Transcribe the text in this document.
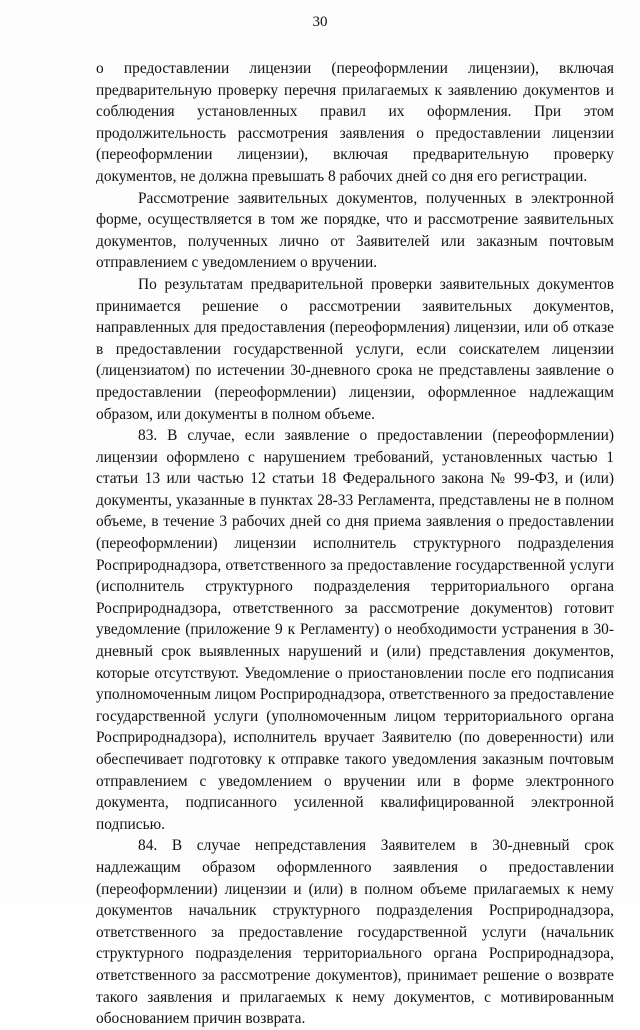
30

о предоставлении лицензии (переоформлении лицензии), включая предварительную проверку перечня прилагаемых к заявлению документов и соблюдения установленных правил их оформления. При этом продолжительность рассмотрения заявления о предоставлении лицензии (переоформлении лицензии), включая предварительную проверку документов, не должна превышать 8 рабочих дней со дня его регистрации.

Рассмотрение заявительных документов, полученных в электронной форме, осуществляется в том же порядке, что и рассмотрение заявительных документов, полученных лично от Заявителей или заказным почтовым отправлением с уведомлением о вручении.

По результатам предварительной проверки заявительных документов принимается решение о рассмотрении заявительных документов, направленных для предоставления (переоформления) лицензии, или об отказе в предоставлении государственной услуги, если соискателем лицензии (лицензиатом) по истечении 30-дневного срока не представлены заявление о предоставлении (переоформлении) лицензии, оформленное надлежащим образом, или документы в полном объеме.

83. В случае, если заявление о предоставлении (переоформлении) лицензии оформлено с нарушением требований, установленных частью 1 статьи 13 или частью 12 статьи 18 Федерального закона № 99-ФЗ, и (или) документы, указанные в пунктах 28-33 Регламента, представлены не в полном объеме, в течение 3 рабочих дней со дня приема заявления о предоставлении (переоформлении) лицензии исполнитель структурного подразделения Росприроднадзора, ответственного за предоставление государственной услуги (исполнитель структурного подразделения территориального органа Росприроднадзора, ответственного за рассмотрение документов) готовит уведомление (приложение 9 к Регламенту) о необходимости устранения в 30-дневный срок выявленных нарушений и (или) представления документов, которые отсутствуют. Уведомление о приостановлении после его подписания уполномоченным лицом Росприроднадзора, ответственного за предоставление государственной услуги (уполномоченным лицом территориального органа Росприроднадзора), исполнитель вручает Заявителю (по доверенности) или обеспечивает подготовку к отправке такого уведомления заказным почтовым отправлением с уведомлением о вручении или в форме электронного документа, подписанного усиленной квалифицированной электронной подписью.

84. В случае непредставления Заявителем в 30-дневный срок надлежащим образом оформленного заявления о предоставлении (переоформлении) лицензии и (или) в полном объеме прилагаемых к нему документов начальник структурного подразделения Росприроднадзора, ответственного за предоставление государственной услуги (начальник структурного подразделения территориального органа Росприроднадзора, ответственного за рассмотрение документов), принимает решение о возврате такого заявления и прилагаемых к нему документов, с мотивированным обоснованием причин возврата.
